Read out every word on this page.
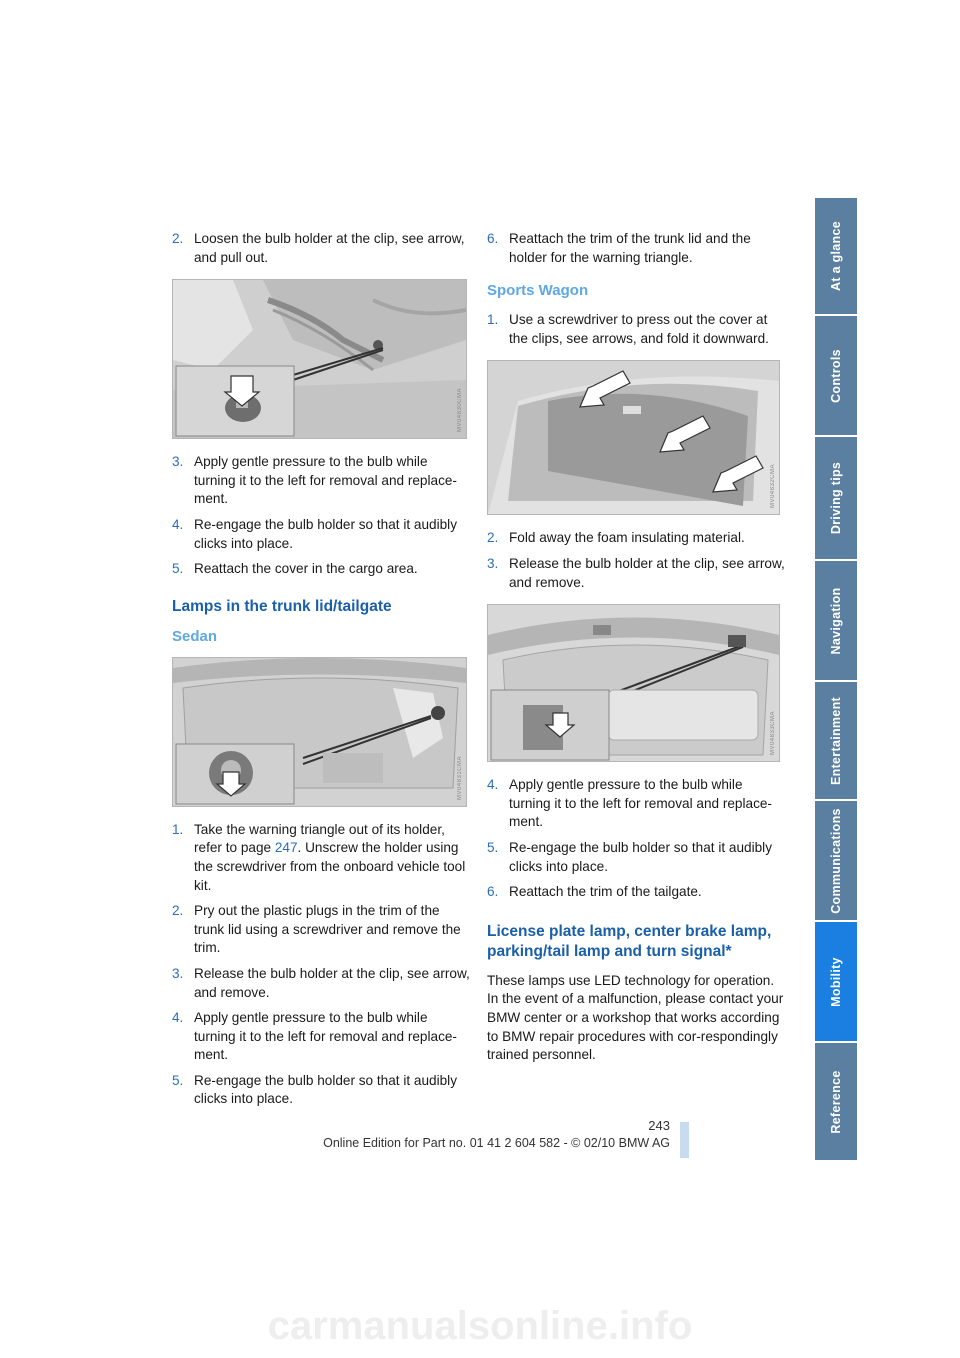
2. Loosen the bulb holder at the clip, see arrow, and pull out.
MV04830CMA
3. Apply gentle pressure to the bulb while turning it to the left for removal and replace-ment.
4. Re-engage the bulb holder so that it audibly clicks into place.
5. Reattach the cover in the cargo area.
Lamps in the trunk lid/tailgate
Sedan
MV04831CMA
1. Take the warning triangle out of its holder, refer to page 247. Unscrew the holder using the screwdriver from the onboard vehicle tool kit.
2. Pry out the plastic plugs in the trim of the trunk lid using a screwdriver and remove the trim.
3. Release the bulb holder at the clip, see arrow, and remove.
4. Apply gentle pressure to the bulb while turning it to the left for removal and replace-ment.
5. Re-engage the bulb holder so that it audibly clicks into place.
6. Reattach the trim of the trunk lid and the holder for the warning triangle.
Sports Wagon
1. Use a screwdriver to press out the cover at the clips, see arrows, and fold it downward.
MV04832CMA
2. Fold away the foam insulating material.
3. Release the bulb holder at the clip, see arrow, and remove.
MV04833CMA
4. Apply gentle pressure to the bulb while turning it to the left for removal and replace-ment.
5. Re-engage the bulb holder so that it audibly clicks into place.
6. Reattach the trim of the tailgate.
License plate lamp, center brake lamp, parking/tail lamp and turn signal*
These lamps use LED technology for operation. In the event of a malfunction, please contact your BMW center or a workshop that works according to BMW repair procedures with cor-respondingly trained personnel.
At a glance
Controls
Driving tips
Navigation
Entertainment
Communications
Mobility
Reference
243
Online Edition for Part no. 01 41 2 604 582 - © 02/10 BMW AG
carmanualsonline.info
